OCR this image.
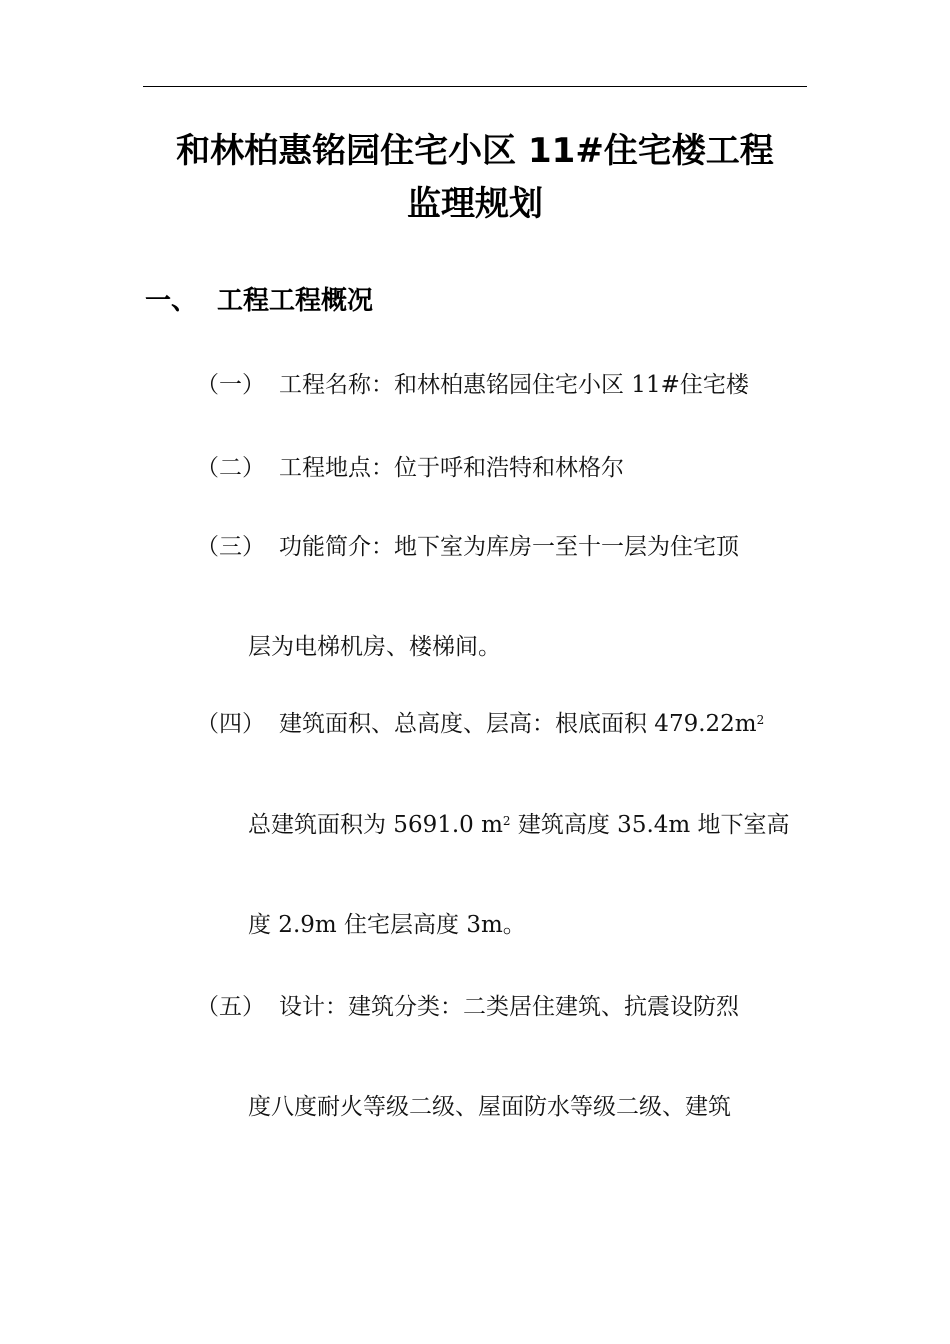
和林柏惠铭园住宅小区 11#住宅楼工程
监理规划
一、 工程工程概况
（一） 工程名称：和林柏惠铭园住宅小区 11#住宅楼
（二） 工程地点：位于呼和浩特和林格尔
（三） 功能简介：地下室为库房一至十一层为住宅顶
层为电梯机房、楼梯间。
（四） 建筑面积、总高度、层高：根底面积 $479.22m^2$
总建筑面积为 5691.0 $m^2$ 建筑高度 35.4m 地下室高
度 2.9m 住宅层高度 3m。
（五） 设计：建筑分类：二类居住建筑、抗震设防烈
度八度耐火等级二级、屋面防水等级二级、建筑
